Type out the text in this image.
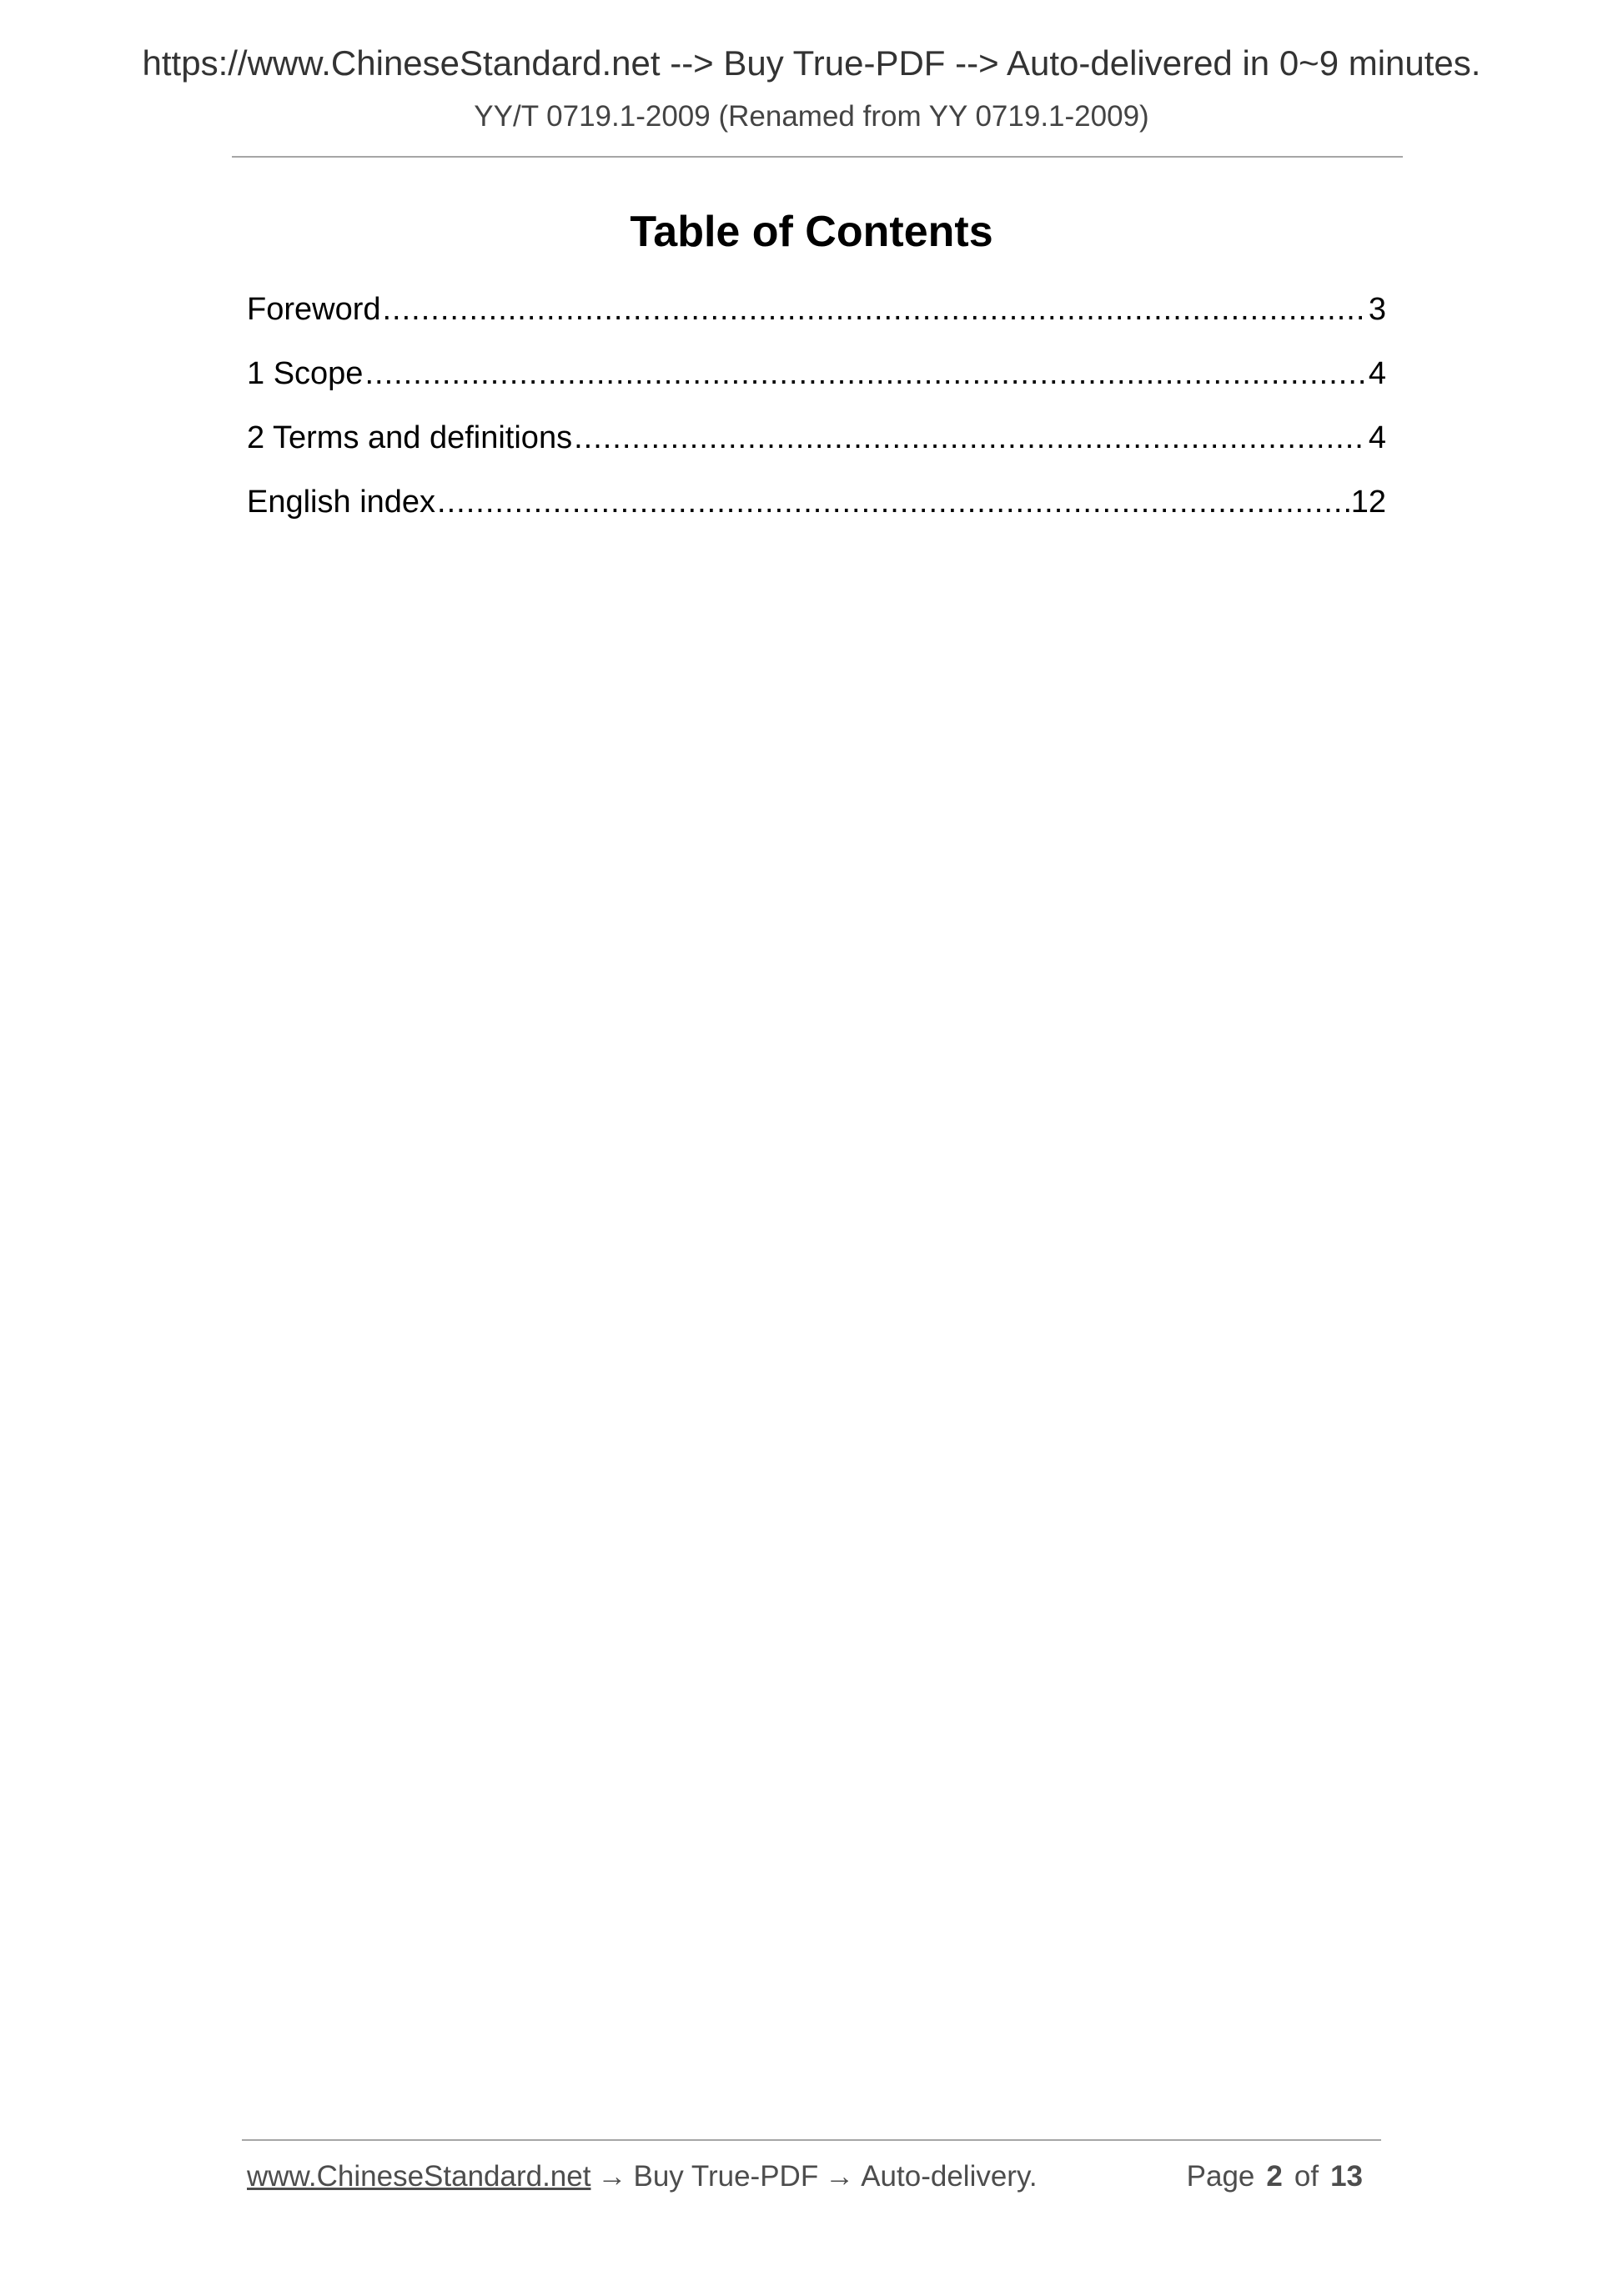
https://www.ChineseStandard.net --> Buy True-PDF --> Auto-delivered in 0~9 minutes.
YY/T 0719.1-2009 (Renamed from YY 0719.1-2009)
Table of Contents
Foreword .....	3
1 Scope .....	4
2 Terms and definitions .....	4
English index .....	12
www.ChineseStandard.net → Buy True-PDF → Auto-delivery.	Page 2 of 13
